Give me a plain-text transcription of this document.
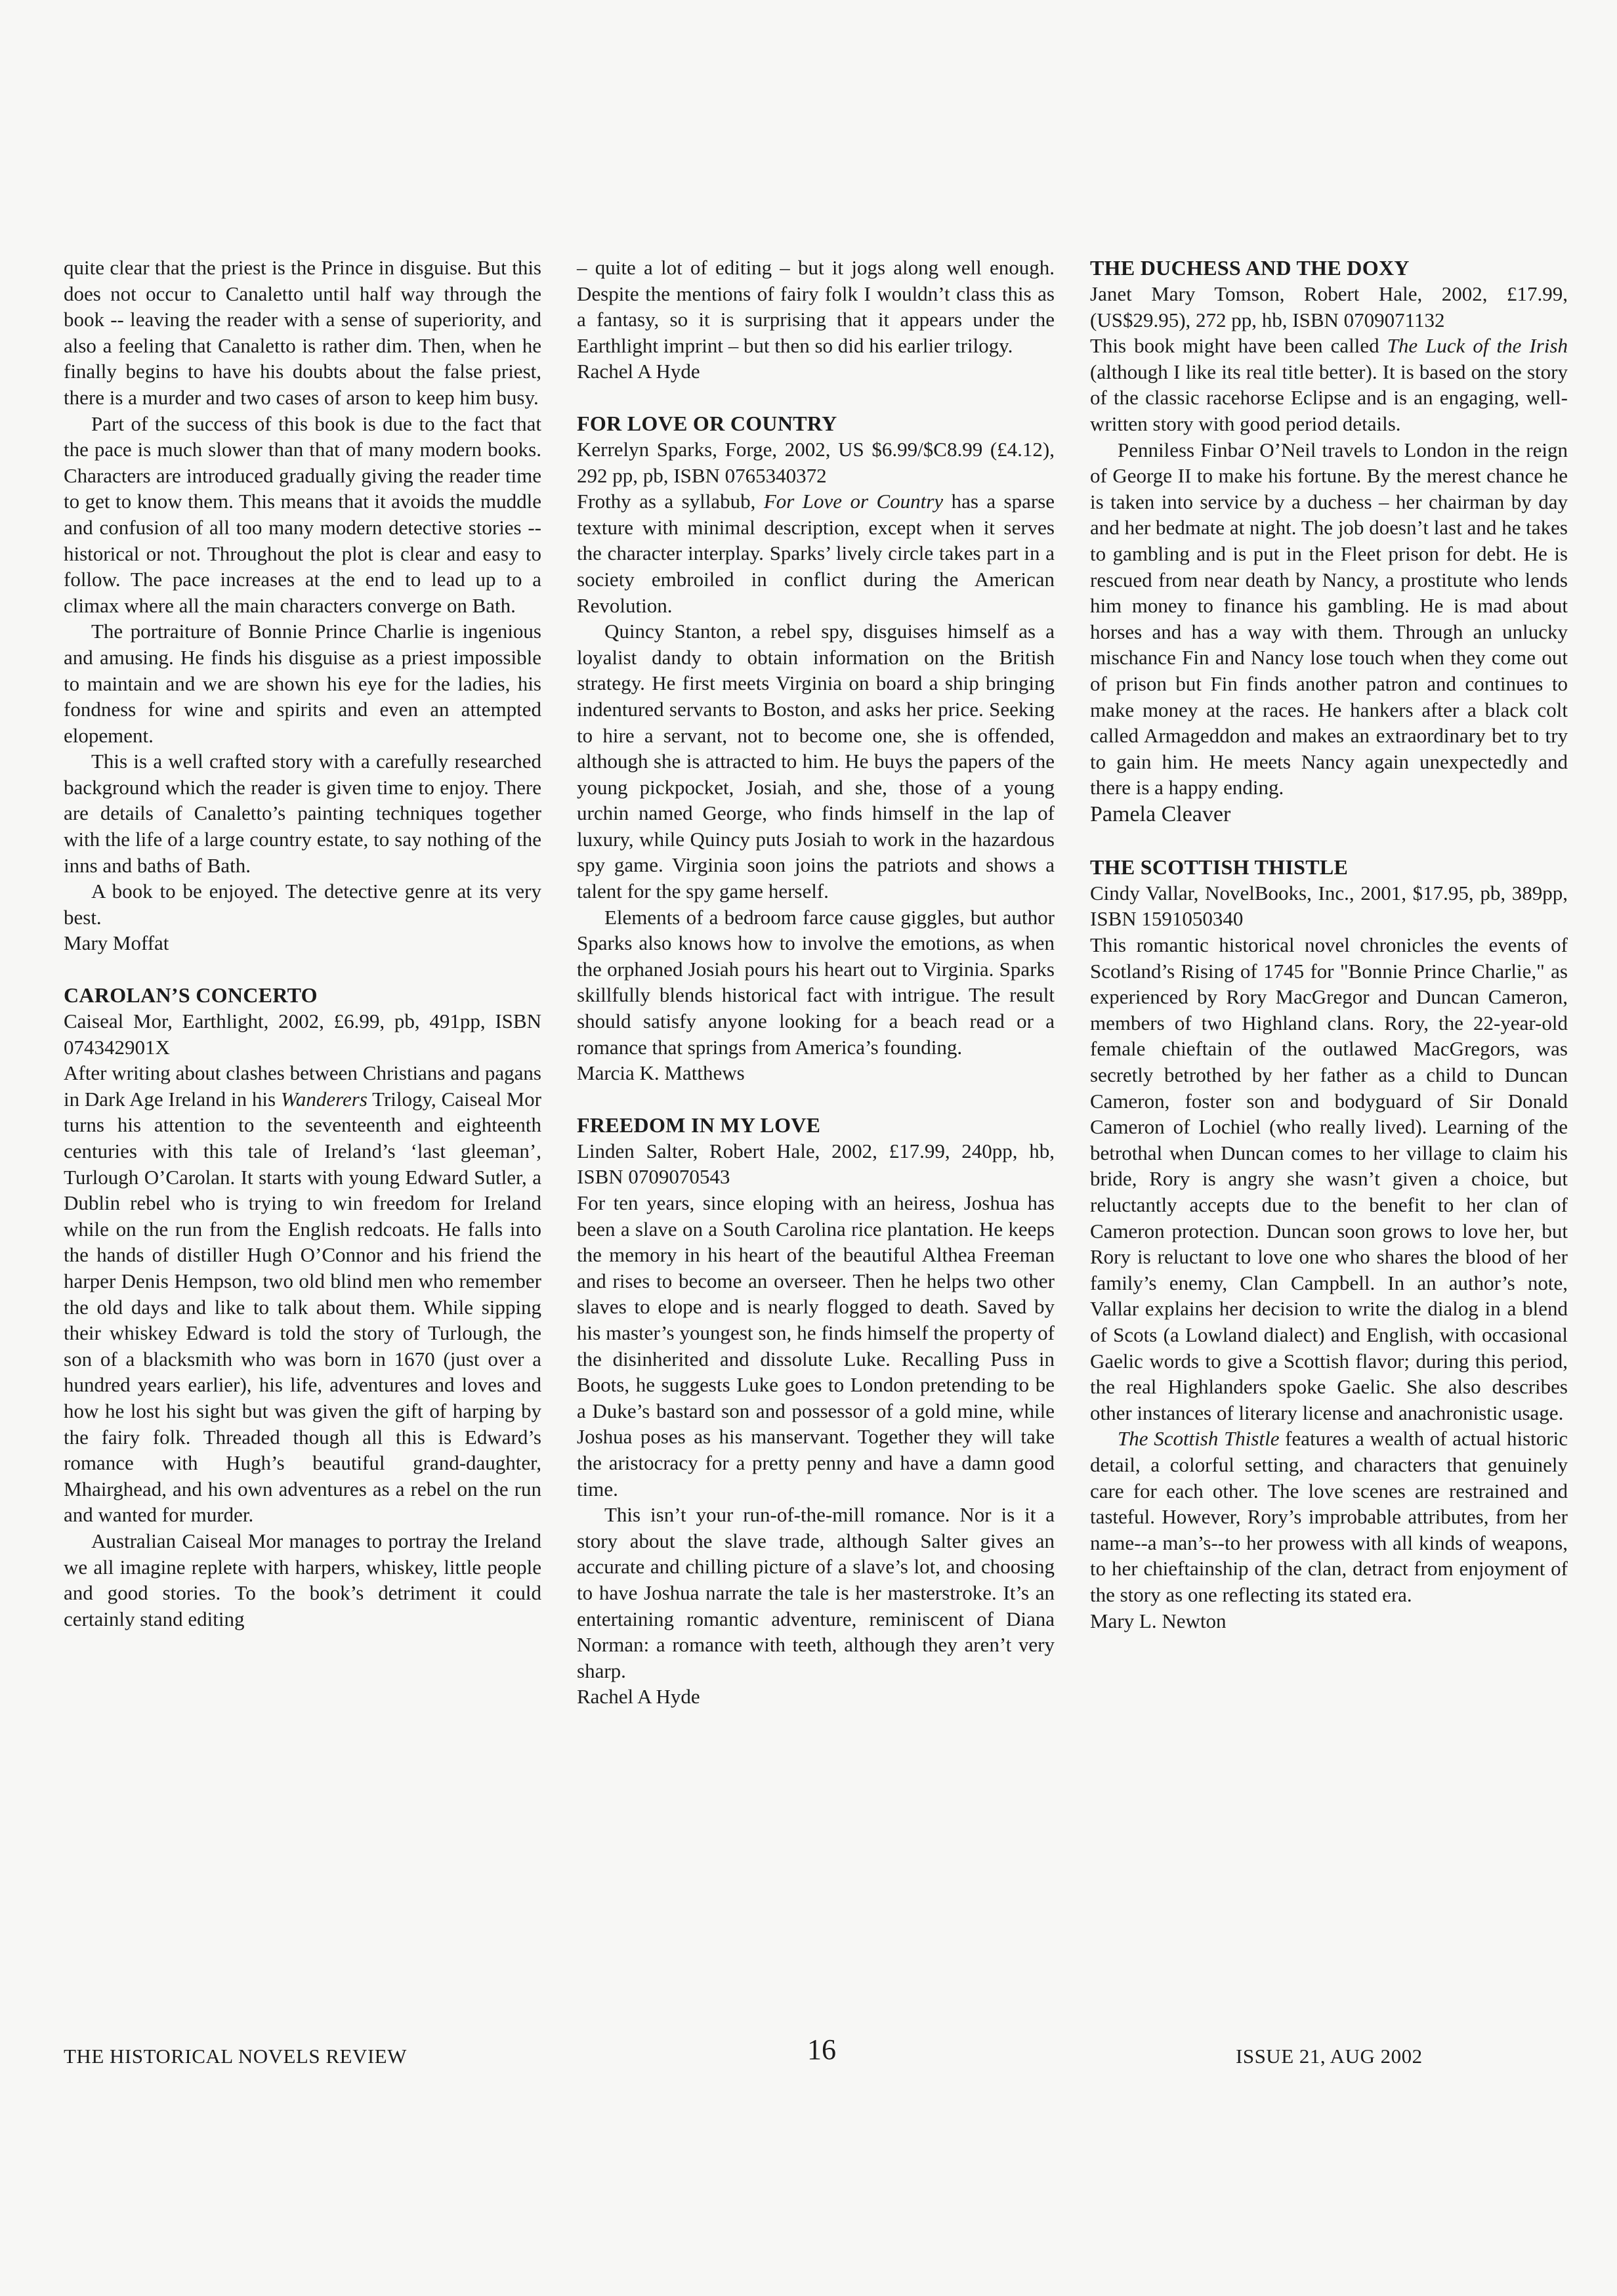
quite clear that the priest is the Prince in disguise. But this does not occur to Canaletto until half way through the book -- leaving the reader with a sense of superiority, and also a feeling that Canaletto is rather dim. Then, when he finally begins to have his doubts about the false priest, there is a murder and two cases of arson to keep him busy.

Part of the success of this book is due to the fact that the pace is much slower than that of many modern books. Characters are introduced gradually giving the reader time to get to know them. This means that it avoids the muddle and confusion of all too many modern detective stories -- historical or not. Throughout the plot is clear and easy to follow. The pace increases at the end to lead up to a climax where all the main characters converge on Bath.

The portraiture of Bonnie Prince Charlie is ingenious and amusing. He finds his disguise as a priest impossible to maintain and we are shown his eye for the ladies, his fondness for wine and spirits and even an attempted elopement.

This is a well crafted story with a carefully researched background which the reader is given time to enjoy. There are details of Canaletto’s painting techniques together with the life of a large country estate, to say nothing of the inns and baths of Bath.

A book to be enjoyed. The detective genre at its very best.

Mary Moffat

CAROLAN’S CONCERTO

Caiseal Mor, Earthlight, 2002, £6.99, pb, 491pp, ISBN 074342901X

After writing about clashes between Christians and pagans in Dark Age Ireland in his Wanderers Trilogy, Caiseal Mor turns his attention to the seventeenth and eighteenth centuries with this tale of Ireland’s ‘last gleeman’, Turlough O’Carolan. It starts with young Edward Sutler, a Dublin rebel who is trying to win freedom for Ireland while on the run from the English redcoats. He falls into the hands of distiller Hugh O’Connor and his friend the harper Denis Hempson, two old blind men who remember the old days and like to talk about them. While sipping their whiskey Edward is told the story of Turlough, the son of a blacksmith who was born in 1670 (just over a hundred years earlier), his life, adventures and loves and how he lost his sight but was given the gift of harping by the fairy folk. Threaded though all this is Edward’s romance with Hugh’s beautiful grand-daughter, Mhairghead, and his own adventures as a rebel on the run and wanted for murder.

Australian Caiseal Mor manages to portray the Ireland we all imagine replete with harpers, whiskey, little people and good stories. To the book’s detriment it could certainly stand editing

– quite a lot of editing – but it jogs along well enough. Despite the mentions of fairy folk I wouldn’t class this as a fantasy, so it is surprising that it appears under the Earthlight imprint – but then so did his earlier trilogy.

Rachel A Hyde

FOR LOVE OR COUNTRY

Kerrelyn Sparks, Forge, 2002, US $6.99/$C8.99 (£4.12), 292 pp, pb, ISBN 0765340372

Frothy as a syllabub, For Love or Country has a sparse texture with minimal description, except when it serves the character interplay. Sparks’ lively circle takes part in a society embroiled in conflict during the American Revolution.

Quincy Stanton, a rebel spy, disguises himself as a loyalist dandy to obtain information on the British strategy. He first meets Virginia on board a ship bringing indentured servants to Boston, and asks her price. Seeking to hire a servant, not to become one, she is offended, although she is attracted to him. He buys the papers of the young pickpocket, Josiah, and she, those of a young urchin named George, who finds himself in the lap of luxury, while Quincy puts Josiah to work in the hazardous spy game. Virginia soon joins the patriots and shows a talent for the spy game herself.

Elements of a bedroom farce cause giggles, but author Sparks also knows how to involve the emotions, as when the orphaned Josiah pours his heart out to Virginia. Sparks skillfully blends historical fact with intrigue. The result should satisfy anyone looking for a beach read or a romance that springs from America’s founding.

Marcia K. Matthews

FREEDOM IN MY LOVE

Linden Salter, Robert Hale, 2002, £17.99, 240pp, hb, ISBN 0709070543

For ten years, since eloping with an heiress, Joshua has been a slave on a South Carolina rice plantation. He keeps the memory in his heart of the beautiful Althea Freeman and rises to become an overseer. Then he helps two other slaves to elope and is nearly flogged to death. Saved by his master’s youngest son, he finds himself the property of the disinherited and dissolute Luke. Recalling Puss in Boots, he suggests Luke goes to London pretending to be a Duke’s bastard son and possessor of a gold mine, while Joshua poses as his manservant. Together they will take the aristocracy for a pretty penny and have a damn good time.

This isn’t your run-of-the-mill romance. Nor is it a story about the slave trade, although Salter gives an accurate and chilling picture of a slave’s lot, and choosing to have Joshua narrate the tale is her masterstroke. It’s an entertaining romantic adventure, reminiscent of Diana Norman: a romance with teeth, although they aren’t very sharp.

Rachel A Hyde

THE DUCHESS AND THE DOXY

Janet Mary Tomson, Robert Hale, 2002, £17.99, (US$29.95), 272 pp, hb, ISBN 0709071132

This book might have been called The Luck of the Irish (although I like its real title better). It is based on the story of the classic racehorse Eclipse and is an engaging, well-written story with good period details.

Penniless Finbar O’Neil travels to London in the reign of George II to make his fortune. By the merest chance he is taken into service by a duchess – her chairman by day and her bedmate at night. The job doesn’t last and he takes to gambling and is put in the Fleet prison for debt. He is rescued from near death by Nancy, a prostitute who lends him money to finance his gambling. He is mad about horses and has a way with them. Through an unlucky mischance Fin and Nancy lose touch when they come out of prison but Fin finds another patron and continues to make money at the races. He hankers after a black colt called Armageddon and makes an extraordinary bet to try to gain him. He meets Nancy again unexpectedly and there is a happy ending.

Pamela Cleaver

THE SCOTTISH THISTLE

Cindy Vallar, NovelBooks, Inc., 2001, $17.95, pb, 389pp, ISBN 1591050340

This romantic historical novel chronicles the events of Scotland’s Rising of 1745 for "Bonnie Prince Charlie," as experienced by Rory MacGregor and Duncan Cameron, members of two Highland clans. Rory, the 22-year-old female chieftain of the outlawed MacGregors, was secretly betrothed by her father as a child to Duncan Cameron, foster son and bodyguard of Sir Donald Cameron of Lochiel (who really lived). Learning of the betrothal when Duncan comes to her village to claim his bride, Rory is angry she wasn’t given a choice, but reluctantly accepts due to the benefit to her clan of Cameron protection. Duncan soon grows to love her, but Rory is reluctant to love one who shares the blood of her family’s enemy, Clan Campbell. In an author’s note, Vallar explains her decision to write the dialog in a blend of Scots (a Lowland dialect) and English, with occasional Gaelic words to give a Scottish flavor; during this period, the real Highlanders spoke Gaelic. She also describes other instances of literary license and anachronistic usage.

The Scottish Thistle features a wealth of actual historic detail, a colorful setting, and characters that genuinely care for each other. The love scenes are restrained and tasteful. However, Rory’s improbable attributes, from her name--a man’s--to her prowess with all kinds of weapons, to her chieftainship of the clan, detract from enjoyment of the story as one reflecting its stated era.

Mary L. Newton

THE HISTORICAL NOVELS REVIEW	16	ISSUE 21, AUG 2002
